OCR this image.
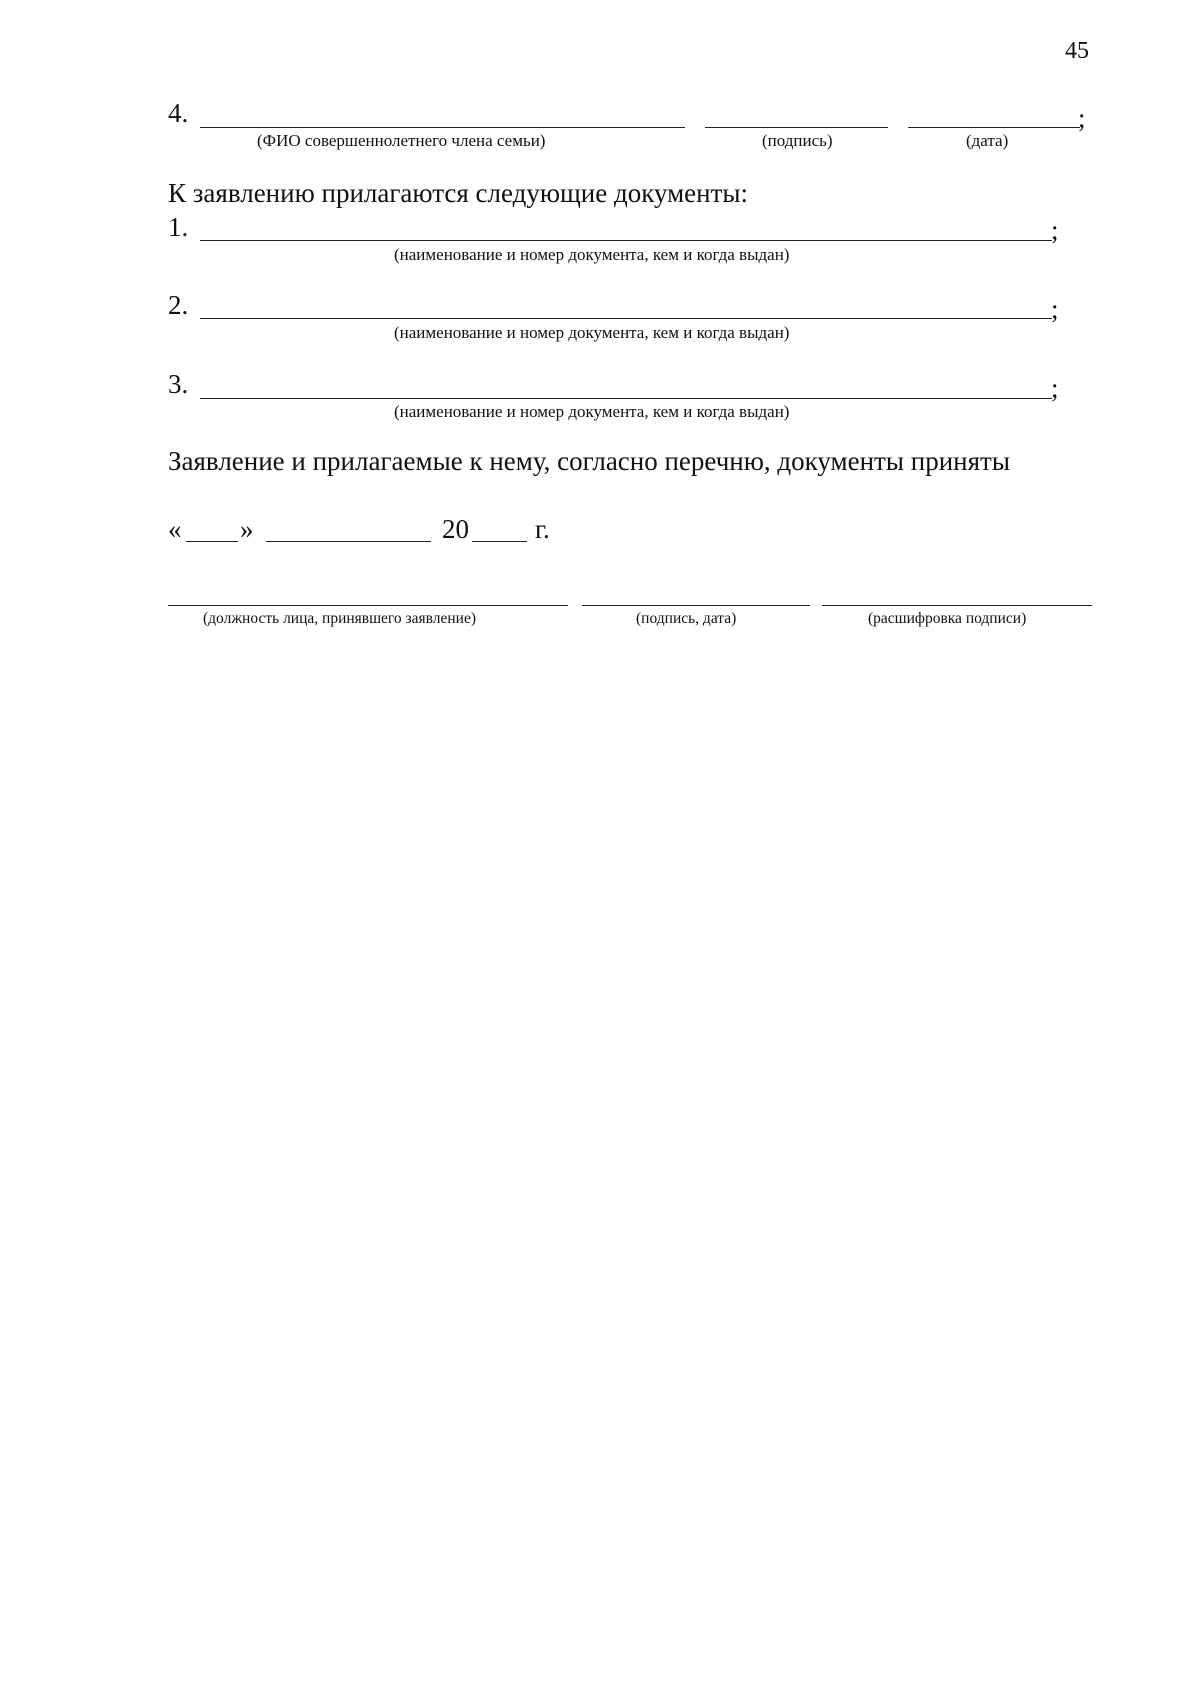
45
4.	;
(ФИО совершеннолетнего члена семьи)	(подпись)	(дата)
К заявлению прилагаются следующие документы:
1.	;
(наименование и номер документа, кем и когда выдан)
2.	;
(наименование и номер документа, кем и когда выдан)
3.	;
(наименование и номер документа, кем и когда выдан)
Заявление и прилагаемые к нему, согласно перечню, документы приняты
« »	20 г.
(должность лица, принявшего заявление)	(подпись, дата)	(расшифровка подписи)
